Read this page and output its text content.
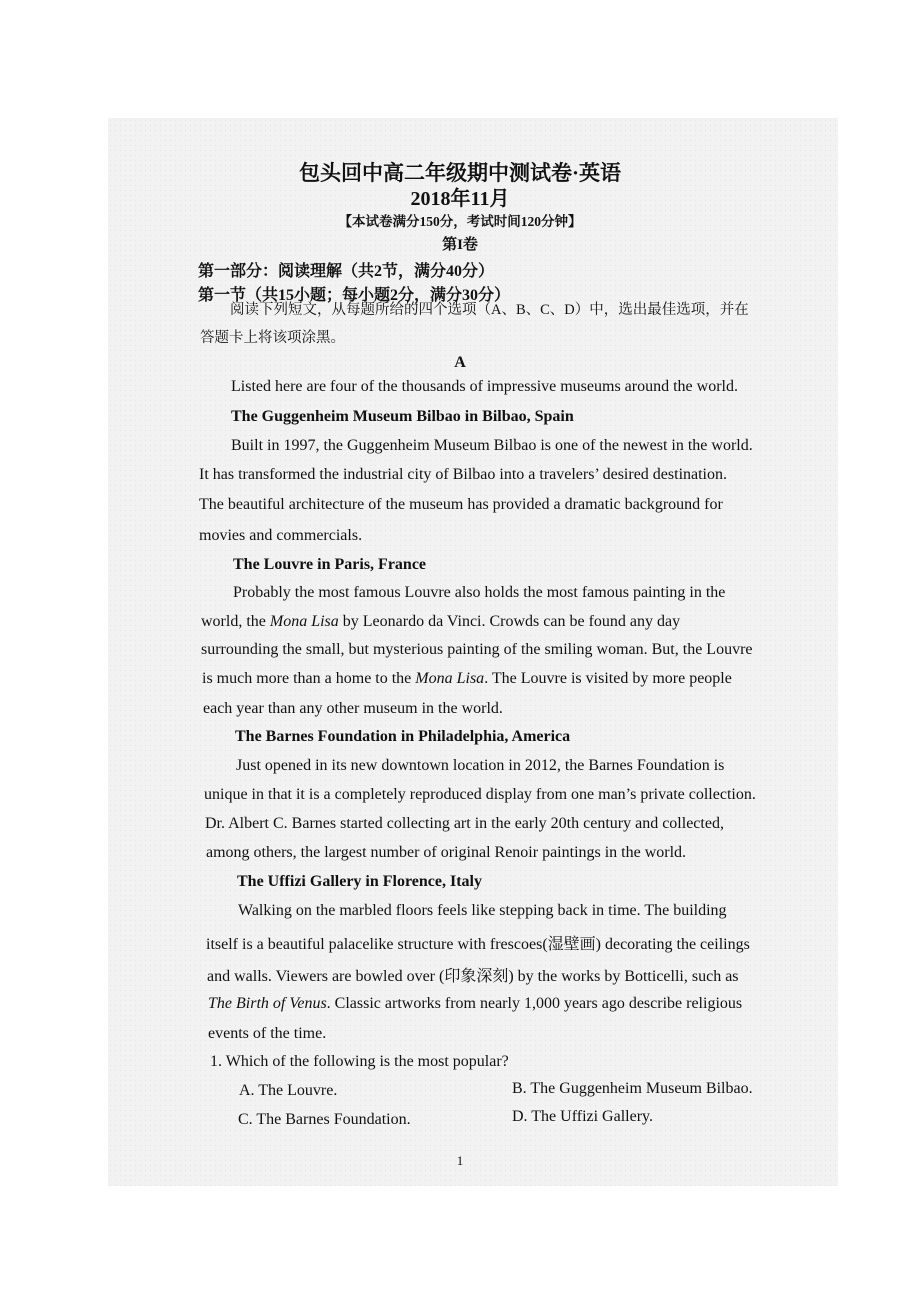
包头回中高二年级期中测试卷·英语
2018年11月
【本试卷满分150分，考试时间120分钟】
第I卷
第一部分：阅读理解（共2节，满分40分）
第一节（共15小题；每小题2分，满分30分）
阅读下列短文，从每题所给的四个选项（A、B、C、D）中，选出最佳选项，并在答题卡上将该项涂黑。
A
Listed here are four of the thousands of impressive museums around the world.
The Guggenheim Museum Bilbao in Bilbao, Spain
Built in 1997, the Guggenheim Museum Bilbao is one of the newest in the world.
It has transformed the industrial city of Bilbao into a travelers’ desired destination.
The beautiful architecture of the museum has provided a dramatic background for
movies and commercials.
The Louvre in Paris, France
Probably the most famous Louvre also holds the most famous painting in the
world, the Mona Lisa by Leonardo da Vinci. Crowds can be found any day
surrounding the small, but mysterious painting of the smiling woman. But, the Louvre
is much more than a home to the Mona Lisa. The Louvre is visited by more people
each year than any other museum in the world.
The Barnes Foundation in Philadelphia, America
Just opened in its new downtown location in 2012, the Barnes Foundation is
unique in that it is a completely reproduced display from one man’s private collection.
Dr. Albert C. Barnes started collecting art in the early 20th century and collected,
among others, the largest number of original Renoir paintings in the world.
The Uffizi Gallery in Florence, Italy
Walking on the marbled floors feels like stepping back in time. The building
itself is a beautiful palacelike structure with frescoes(湿壁画) decorating the ceilings
and walls. Viewers are bowled over (印象深刻) by the works by Botticelli, such as
The Birth of Venus. Classic artworks from nearly 1,000 years ago describe religious
events of the time.
1. Which of the following is the most popular?
A. The Louvre.	B. The Guggenheim Museum Bilbao.
C. The Barnes Foundation.	D. The Uffizi Gallery.
1
